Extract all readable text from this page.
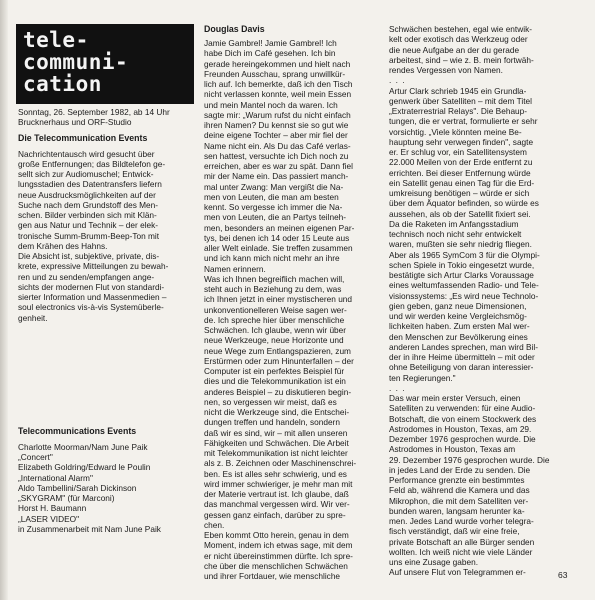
tele-
communi-
cation

Sonntag, 26. September 1982, ab 14 Uhr

Brucknerhaus und ORF-Studio

Die Telecommunication Events

Nachrichtentausch wird gesucht über
große Entfernungen; das Bildtelefon ge-
sellt sich zur Audiomuschel; Entwick-
lungsstadien des Datentransfers liefern
neue Ausdrucksmöglichkeiten auf der
Suche nach dem Grundstoff des Men-
schen. Bilder verbinden sich mit Klän-
gen aus Natur und Technik – der elek-
tronische Summ-Brumm-Beep-Ton mit
dem Krähen des Hahns.
Die Absicht ist, subjektive, private, dis-
krete, expressive Mitteilungen zu bewah-
ren und zu senden/empfangen ange-
sichts der modernen Flut von standardi-
sierter Information und Massenmedien –
soul electronics vis-à-vis Systemüberle-
genheit.

Telecommunications Events

Charlotte Moorman/Nam June Paik
„Concert"
Elizabeth Goldring/Edward le Poulin
„International Alarm"
Aldo Tambellini/Sarah Dickinson
„SKYGRAM" (für Marconi)
Horst H. Baumann
„LASER VIDEO"
in Zusammenarbeit mit Nam June Paik

Douglas Davis

Jamie Gambrel! Jamie Gambrel! Ich
habe Dich im Café gesehen. Ich bin
gerade hereingekommen und hielt nach
Freunden Ausschau, sprang unwillkür-
lich auf. Ich bemerkte, daß ich den Tisch
nicht verlassen konnte, weil mein Essen
und mein Mantel noch da waren. Ich
sagte mir: „Warum rufst du nicht einfach
ihren Namen? Du kennst sie so gut wie
deine eigene Tochter – aber mir fiel der
Name nicht ein. Als Du das Café verlas-
sen hattest, versuchte ich Dich noch zu
erreichen, aber es war zu spät. Dann fiel
mir der Name ein. Das passiert manch-
mal unter Zwang: Man vergißt die Na-
men von Leuten, die man am besten
kennt. So vergesse ich immer die Na-
men von Leuten, die an Partys teilneh-
men, besonders an meinen eigenen Par-
tys, bei denen ich 14 oder 15 Leute aus
aller Welt einlade. Sie treffen zusammen
und ich kann mich nicht mehr an ihre
Namen erinnern.
Was ich Ihnen begreiflich machen will,
steht auch in Beziehung zu dem, was
ich Ihnen jetzt in einer mystischeren und
unkonventionelleren Weise sagen wer-
de. Ich spreche hier über menschliche
Schwächen. Ich glaube, wenn wir über
neue Werkzeuge, neue Horizonte und
neue Wege zum Entlangspazieren, zum
Erstürmen oder zum Hinunterfallen – der
Computer ist ein perfektes Beispiel für
dies und die Telekommunikation ist ein
anderes Beispiel – zu diskutieren begin-
nen, so vergessen wir meist, daß es
nicht die Werkzeuge sind, die Entschei-
dungen treffen und handeln, sondern
daß wir es sind, wir – mit allen unseren
Fähigkeiten und Schwächen. Die Arbeit
mit Telekommunikation ist nicht leichter
als z. B. Zeichnen oder Maschinenschrei-
ben. Es ist alles sehr schwierig, und es
wird immer schwieriger, je mehr man mit
der Materie vertraut ist. Ich glaube, daß
das manchmal vergessen wird. Wir ver-
gessen ganz einfach, darüber zu spre-
chen.
Eben kommt Otto herein, genau in dem
Moment, indem ich etwas sage, mit dem
er nicht übereinstimmen dürfte. Ich spre-
che über die menschlichen Schwächen
und ihrer Fortdauer, wie menschliche
Schwächen bestehen, egal wie entwik-
kelt oder exotisch das Werkzeug oder
die neue Aufgabe an der du gerade
arbeitest, sind – wie z. B. mein fortwäh-
rendes Vergessen von Namen.

. . .

Artur Clark schrieb 1945 ein Grundla-
genwerk über Satelliten – mit dem Titel
„Extraterrestrial Relays". Die Behaup-
tungen, die er vertrat, formulierte er sehr
vorsichtig. „Viele könnten meine Be-
hauptung sehr verwegen finden", sagte
er. Er schlug vor, ein Satellitensystem
22.000 Meilen von der Erde entfernt zu
errichten. Bei dieser Entfernung würde
ein Satellit genau einen Tag für die Erd-
umkreisung benötigen – würde er sich
über dem Äquator befinden, so würde es
aussehen, als ob der Satellit fixiert sei.
Da die Raketen im Anfangsstadium
technisch noch nicht sehr entwickelt
waren, mußten sie sehr niedrig fliegen.
Aber als 1965 SymCom 3 für die Olympi-
schen Spiele in Tokio eingesetzt wurde,
bestätigte sich Artur Clarks Voraussage
eines weltumfassenden Radio- und Tele-
visionssystems: „Es wird neue Technolo-
gien geben, ganz neue Dimensionen,
und wir werden keine Vergleichsmög-
lichkeiten haben. Zum ersten Mal wer-
den Menschen zur Bevölkerung eines
anderen Landes sprechen, man wird Bil-
der in ihre Heime übermitteln – mit oder
ohne Beteiligung von daran interessier-
ten Regierungen."

. . .

Das war mein erster Versuch, einen
Satelliten zu verwenden: für eine Audio-
Botschaft, die von einem Stockwerk des
Astrodomes in Houston, Texas, am 29.
Dezember 1976 gesprochen wurde. Die
Astrodomes in Houston, Texas am
29. Dezember 1976 gesprochen wurde. Die
in jedes Land der Erde zu senden. Die
Performance grenzte ein bestimmtes
Feld ab, während die Kamera und das
Mikrophon, die mit dem Satelliten ver-
bunden waren, langsam herunter ka-
men. Jedes Land wurde vorher telegra-
fisch verständigt, daß wir eine freie,
private Botschaft an alle Bürger senden
wollten. Ich weiß nicht wie viele Länder
uns eine Zusage gaben.
Auf unsere Flut von Telegrammen er-	63
